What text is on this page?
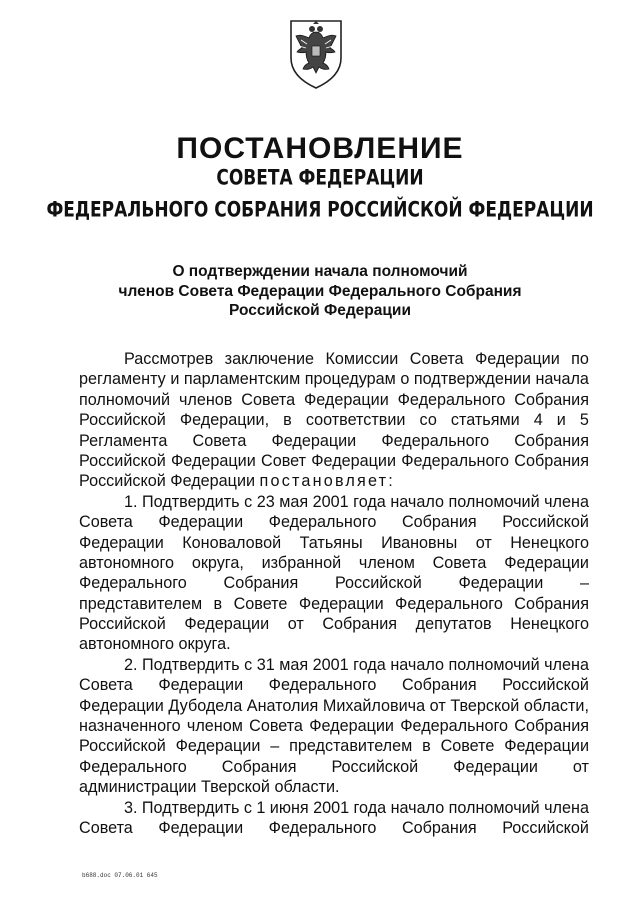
ПОСТАНОВЛЕНИЕ
СОВЕТА ФЕДЕРАЦИИ
ФЕДЕРАЛЬНОГО СОБРАНИЯ РОССИЙСКОЙ ФЕДЕРАЦИИ
О подтверждении начала полномочий
членов Совета Федерации Федерального Собрания
Российской Федерации
Рассмотрев заключение Комиссии Совета Федерации по
регламенту и парламентским процедурам о подтверждении начала
полномочий членов Совета Федерации Федерального Собрания
Российской Федерации, в соответствии со статьями 4 и 5
Регламента Совета Федерации Федерального Собрания
Российской Федерации Совет Федерации Федерального Собрания
Российской Федерации постановляет:
1. Подтвердить с 23 мая 2001 года начало полномочий члена
Совета Федерации Федерального Собрания Российской
Федерации Коноваловой Татьяны Ивановны от Ненецкого
автономного округа, избранной членом Совета Федерации
Федерального Собрания Российской Федерации –
представителем в Совете Федерации Федерального Собрания
Российской Федерации от Собрания депутатов Ненецкого
автономного округа.
2. Подтвердить с 31 мая 2001 года начало полномочий члена
Совета Федерации Федерального Собрания Российской
Федерации Дубодела Анатолия Михайловича от Тверской области,
назначенного членом Совета Федерации Федерального Собрания
Российской Федерации – представителем в Совете Федерации
Федерального Собрания Российской Федерации от
администрации Тверской области.
3. Подтвердить с 1 июня 2001 года начало полномочий члена
Совета Федерации Федерального Собрания Российской
b688.doc 07.06.01 645
